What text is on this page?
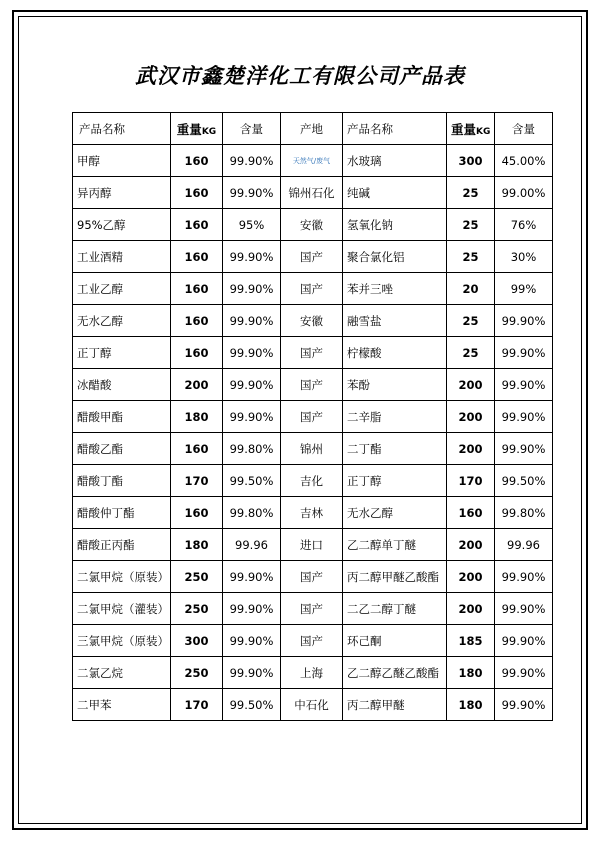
武汉市鑫楚洋化工有限公司产品表
产品名称	重量KG	含量	产地	产品名称	重量KG	含量
甲醇	160	99.90%	天然气/废气	水玻璃	300	45.00%
异丙醇	160	99.90%	锦州石化	纯碱	25	99.00%
95%乙醇	160	95%	安徽	氢氧化钠	25	76%
工业酒精	160	99.90%	国产	聚合氯化铝	25	30%
工业乙醇	160	99.90%	国产	苯并三唑	20	99%
无水乙醇	160	99.90%	安徽	融雪盐	25	99.90%
正丁醇	160	99.90%	国产	柠檬酸	25	99.90%
冰醋酸	200	99.90%	国产	苯酚	200	99.90%
醋酸甲酯	180	99.90%	国产	二辛脂	200	99.90%
醋酸乙酯	160	99.80%	锦州	二丁酯	200	99.90%
醋酸丁酯	170	99.50%	吉化	正丁醇	170	99.50%
醋酸仲丁酯	160	99.80%	吉林	无水乙醇	160	99.80%
醋酸正丙酯	180	99.96	进口	乙二醇单丁醚	200	99.96
二氯甲烷（原装）	250	99.90%	国产	丙二醇甲醚乙酸酯	200	99.90%
二氯甲烷（灌装）	250	99.90%	国产	二乙二醇丁醚	200	99.90%
三氯甲烷（原装）	300	99.90%	国产	环己酮	185	99.90%
二氯乙烷	250	99.90%	上海	乙二醇乙醚乙酸酯	180	99.90%
二甲苯	170	99.50%	中石化	丙二醇甲醚	180	99.90%
